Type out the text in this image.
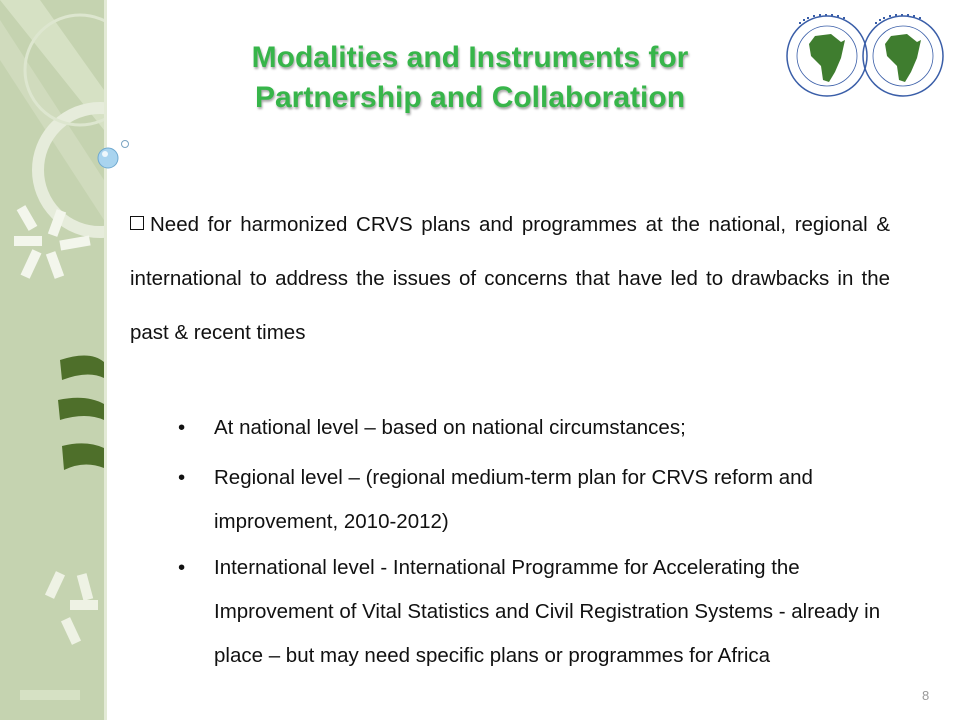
Modalities and Instruments for
Partnership and Collaboration
Need for harmonized CRVS plans and programmes at the national, regional & international to address the issues of concerns that have led to drawbacks in the past & recent times
•	At national level – based on national circumstances;
•	Regional level – (regional medium-term plan for CRVS reform and improvement, 2010-2012)
•	International level - International Programme for Accelerating the Improvement of Vital Statistics and Civil Registration Systems - already in place – but may need specific plans or programmes for Africa
8
